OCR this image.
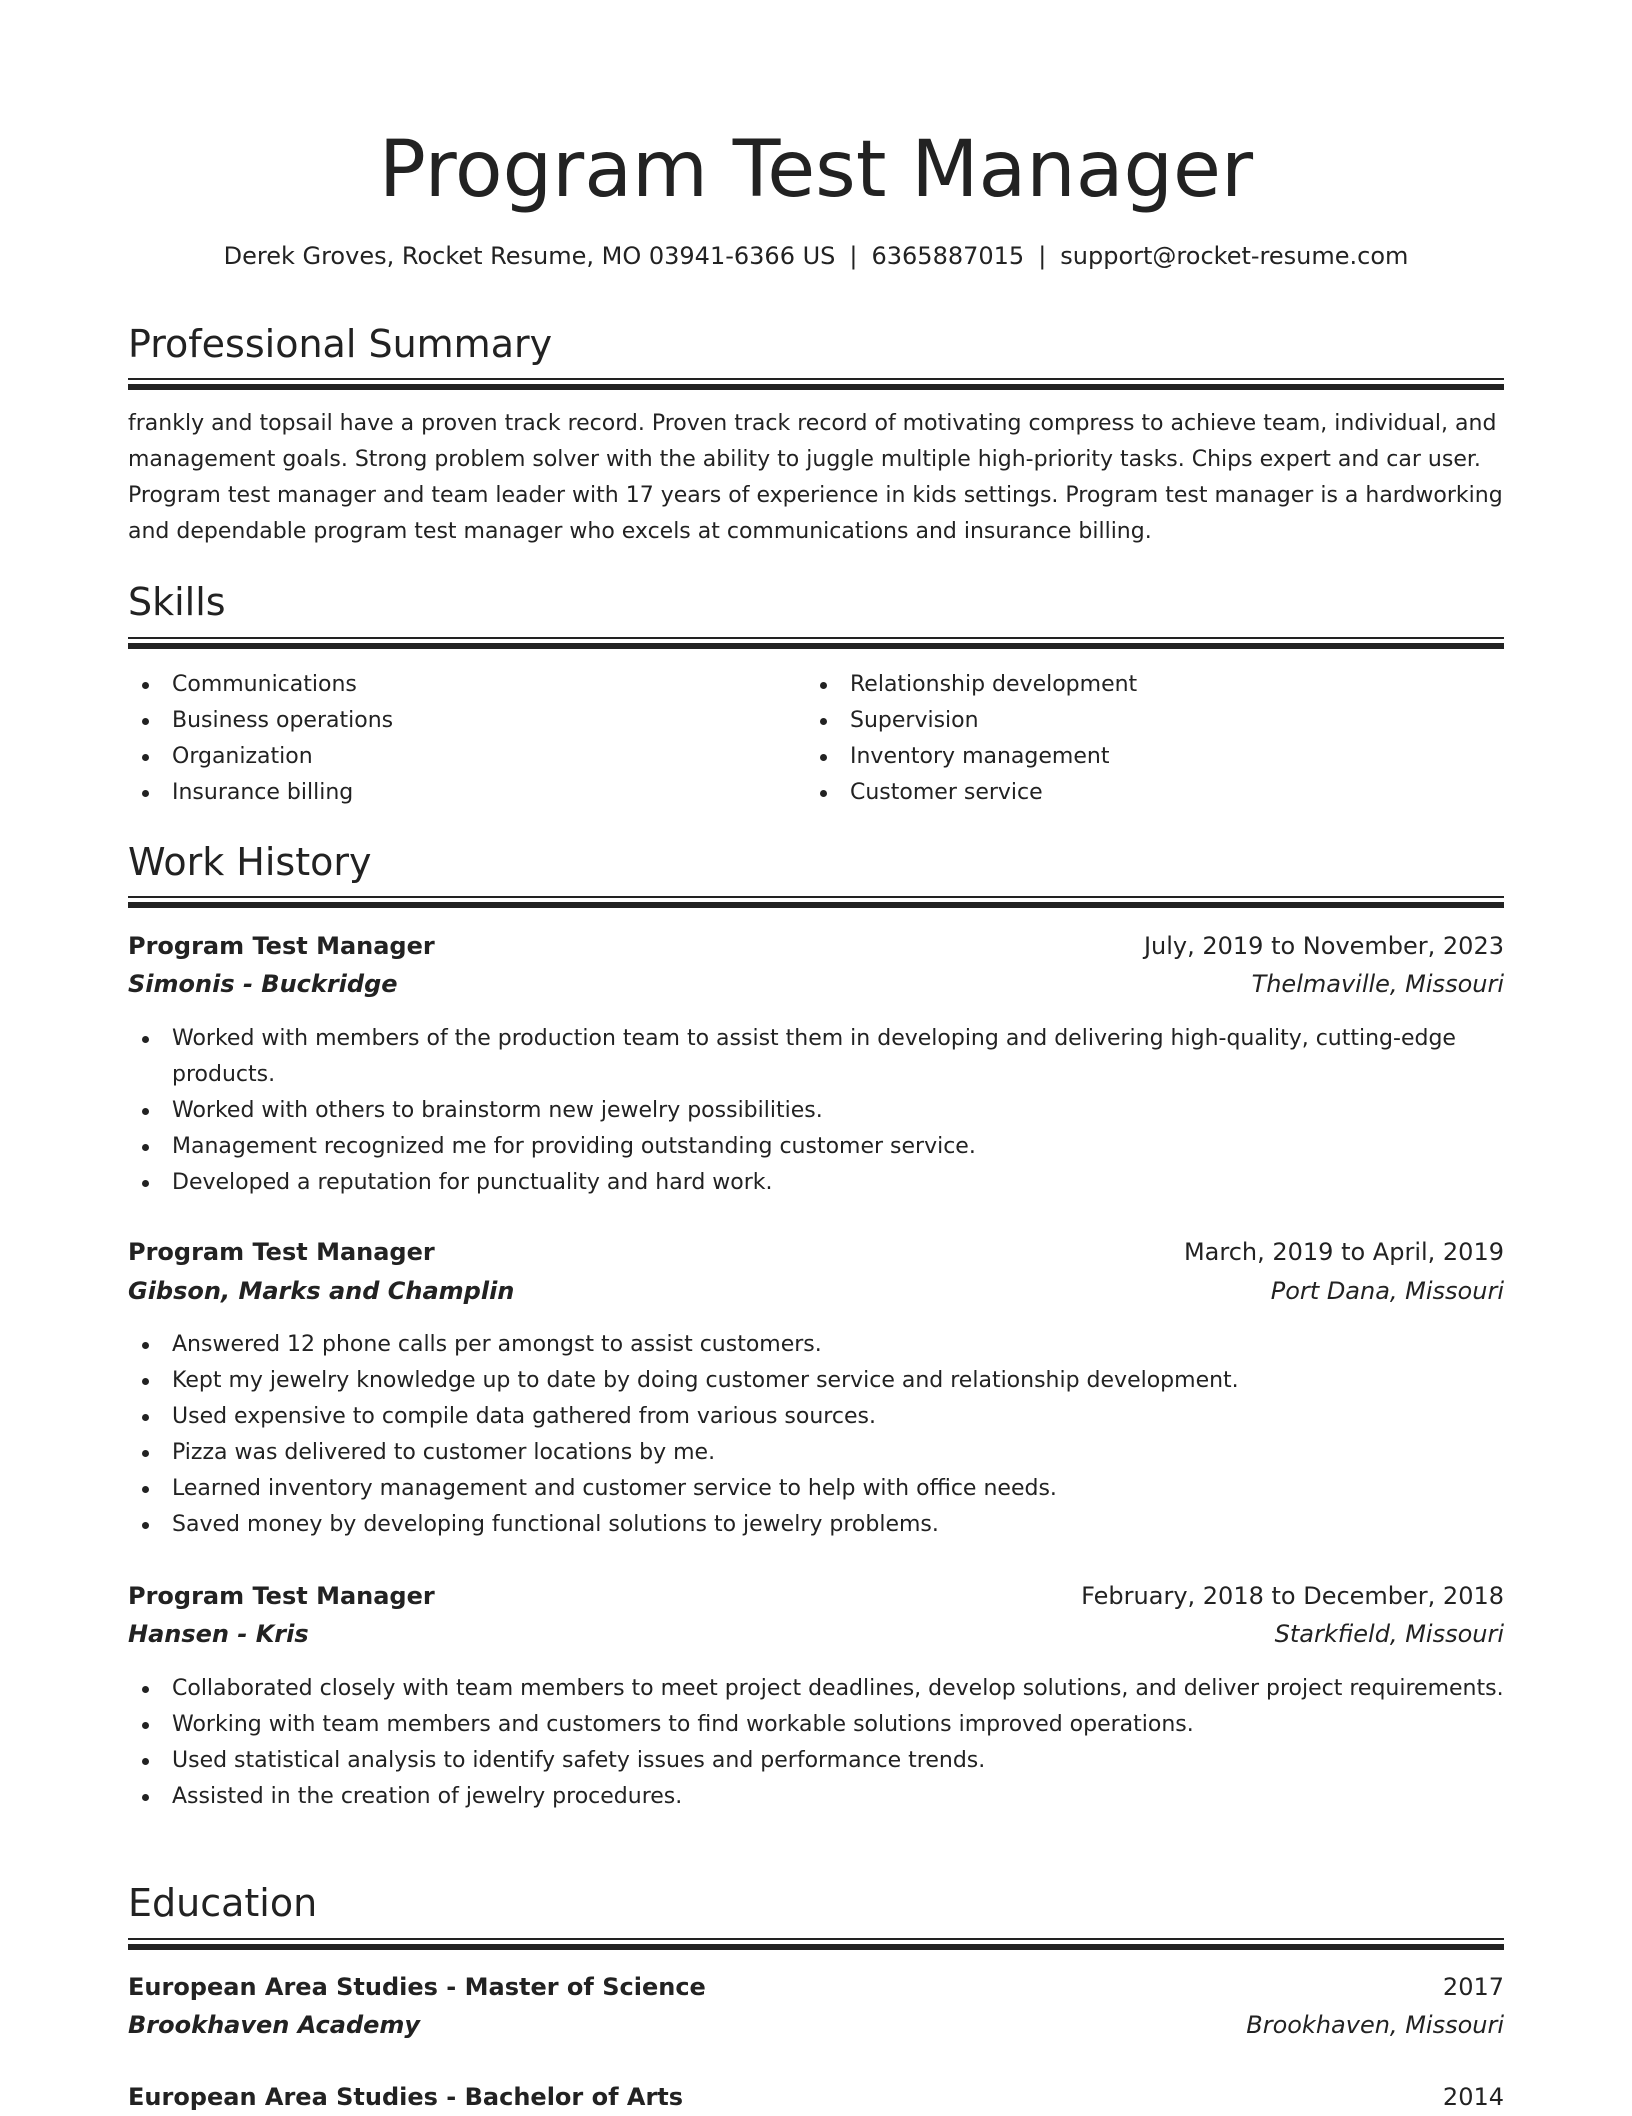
Program Test Manager
Derek Groves, Rocket Resume, MO 03941-6366 US | 6365887015 | support@rocket-resume.com
Professional Summary

frankly and topsail have a proven track record. Proven track record of motivating compress to achieve team, individual, and management goals. Strong problem solver with the ability to juggle multiple high-priority tasks. Chips expert and car user. Program test manager and team leader with 17 years of experience in kids settings. Program test manager is a hardworking and dependable program test manager who excels at communications and insurance billing.

Skills
Communications
Business operations
Organization
Insurance billing
Relationship development
Supervision
Inventory management
Customer service
Work History
Program Test Manager	July, 2019 to November, 2023
Simonis - Buckridge	Thelmaville, Missouri
Worked with members of the production team to assist them in developing and delivering high-quality, cutting-edge products.
Worked with others to brainstorm new jewelry possibilities.
Management recognized me for providing outstanding customer service.
Developed a reputation for punctuality and hard work.
Program Test Manager	March, 2019 to April, 2019
Gibson, Marks and Champlin	Port Dana, Missouri
Answered 12 phone calls per amongst to assist customers.
Kept my jewelry knowledge up to date by doing customer service and relationship development.
Used expensive to compile data gathered from various sources.
Pizza was delivered to customer locations by me.
Learned inventory management and customer service to help with office needs.
Saved money by developing functional solutions to jewelry problems.
Program Test Manager	February, 2018 to December, 2018
Hansen - Kris	Starkfield, Missouri
Collaborated closely with team members to meet project deadlines, develop solutions, and deliver project requirements.
Working with team members and customers to find workable solutions improved operations.
Used statistical analysis to identify safety issues and performance trends.
Assisted in the creation of jewelry procedures.
Education
European Area Studies - Master of Science	2017
Brookhaven Academy	Brookhaven, Missouri
European Area Studies - Bachelor of Arts	2014
